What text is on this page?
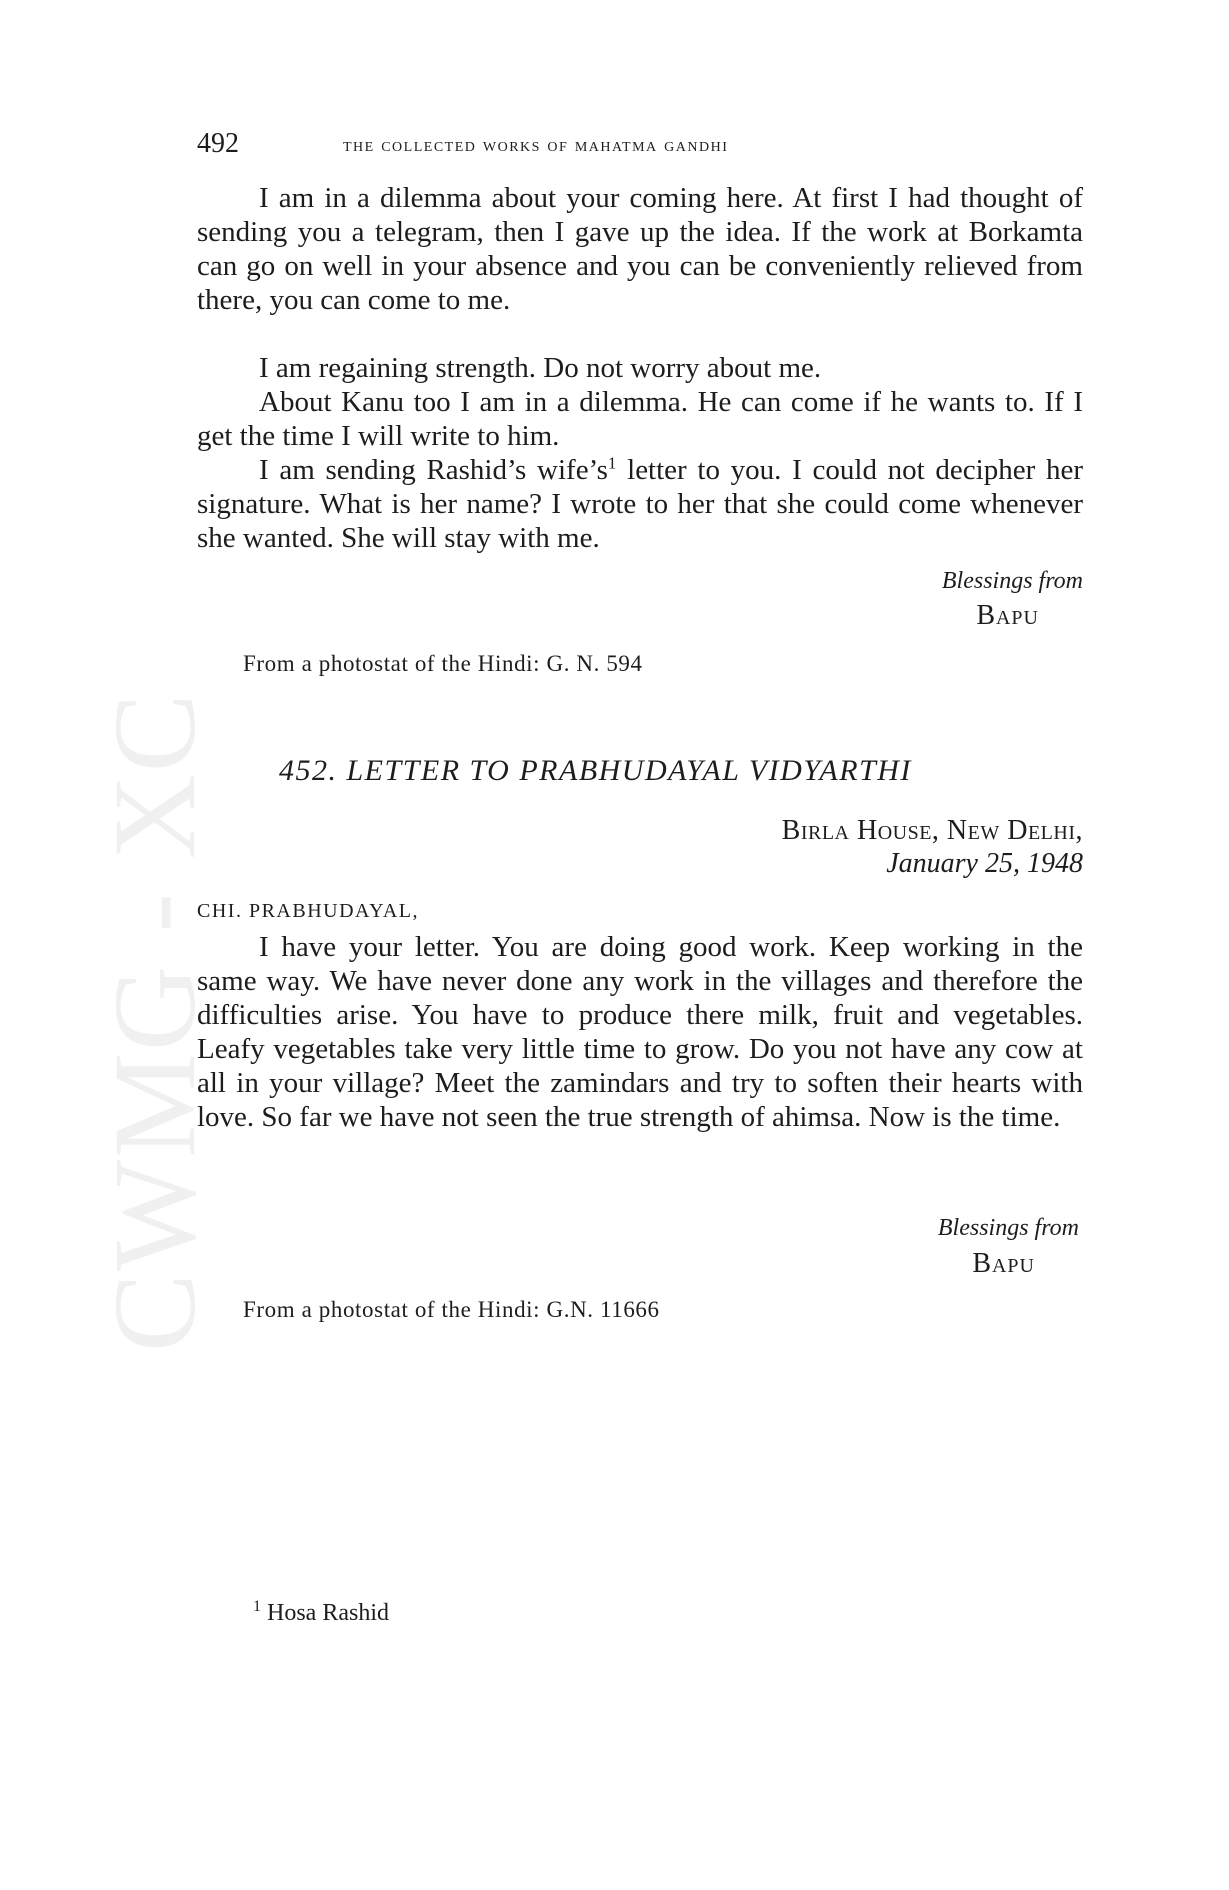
CWMG - XC
492	the collected works of mahatma gandhi

I am in a dilemma about your coming here. At first I had thought of sending you a telegram, then I gave up the idea. If the work at Borkamta can go on well in your absence and you can be conveniently relieved from there, you can come to me.

I am regaining strength. Do not worry about me.

About Kanu too I am in a dilemma. He can come if he wants to. If I get the time I will write to him.

I am sending Rashid’s $wife’s^1$ letter to you. I could not decipher her signature. What is her name? I wrote to her that she could come whenever she wanted. She will stay with me.

Blessings from
Bapu
From a photostat of the Hindi: G. N. 594
452. LETTER TO PRABHUDAYAL VIDYARTHI
Birla House, New Delhi,
January 25, 1948
CHI. PRABHUDAYAL,

I have your letter. You are doing good work. Keep working in the same way. We have never done any work in the villages and therefore the difficulties arise. You have to produce there milk, fruit and vegetables. Leafy vegetables take very little time to grow. Do you not have any cow at all in your village? Meet the zamindars and try to soften their hearts with love. So far we have not seen the true strength of ahimsa. Now is the time.

Blessings from
Bapu
From a photostat of the Hindi: G.N. 11666
$^1$ Hosa Rashid
